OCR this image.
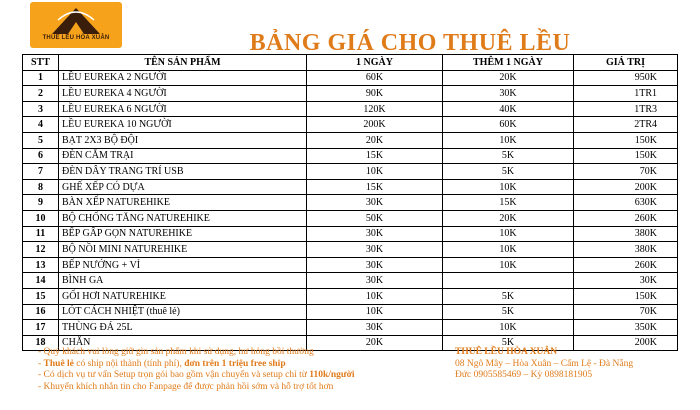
THUÊ LỀU HÒA XUÂN	BẢNG GIÁ CHO THUÊ LỀU
STT	TÊN SẢN PHẨM	1 NGÀY	THÊM 1 NGÀY	GIÁ TRỊ
1	LỀU EUREKA 2 NGƯỜI	60K	20K	950K
2	LỀU EUREKA 4 NGƯỜI	90K	30K	1TR1
3	LỀU EUREKA 6 NGƯỜI	120K	40K	1TR3
4	LỀU EUREKA 10 NGƯỜI	200K	60K	2TR4
5	BẠT 2X3 BỘ ĐỘI	20K	10K	150K
6	ĐÈN CẮM TRẠI	15K	5K	150K
7	ĐÈN DÂY TRANG TRÍ USB	10K	5K	70K
8	GHẾ XẾP CÓ DỰA	15K	10K	200K
9	BÀN XẾP NATUREHIKE	30K	15K	630K
10	BỘ CHỐNG TĂNG NATUREHIKE	50K	20K	260K
11	BẾP GẤP GỌN NATUREHIKE	30K	10K	380K
12	BỘ NỒI MINI NATUREHIKE	30K	10K	380K
13	BẾP NƯỚNG + VỈ	30K	10K	260K
14	BÌNH GA	30K		30K
15	GỐI HƠI NATUREHIKE	10K	5K	150K
16	LÓT CÁCH NHIỆT (thuê lẻ)	10K	5K	70K
17	THÙNG ĐÁ 25L	30K	10K	350K
18	CHĂN	20K	5K	200K
- Quý khách vui lòng giữ gìn sản phẩm khi sử dụng, hư hỏng bồi thường
- Thuê lẻ có ship nội thành (tính phí), đơn trên 1 triệu free ship
- Có dịch vụ tư vấn Setup trọn gói bao gồm vận chuyển và setup chỉ từ 110k/người
- Khuyến khích nhắn tin cho Fanpage để được phản hồi sớm và hỗ trợ tốt hơn
THUÊ LỀU HÒA XUÂN
08 Ngô Mây – Hòa Xuân – Cẩm Lệ - Đà Nẵng
Đức 0905585469 – Kỳ 0898181905
